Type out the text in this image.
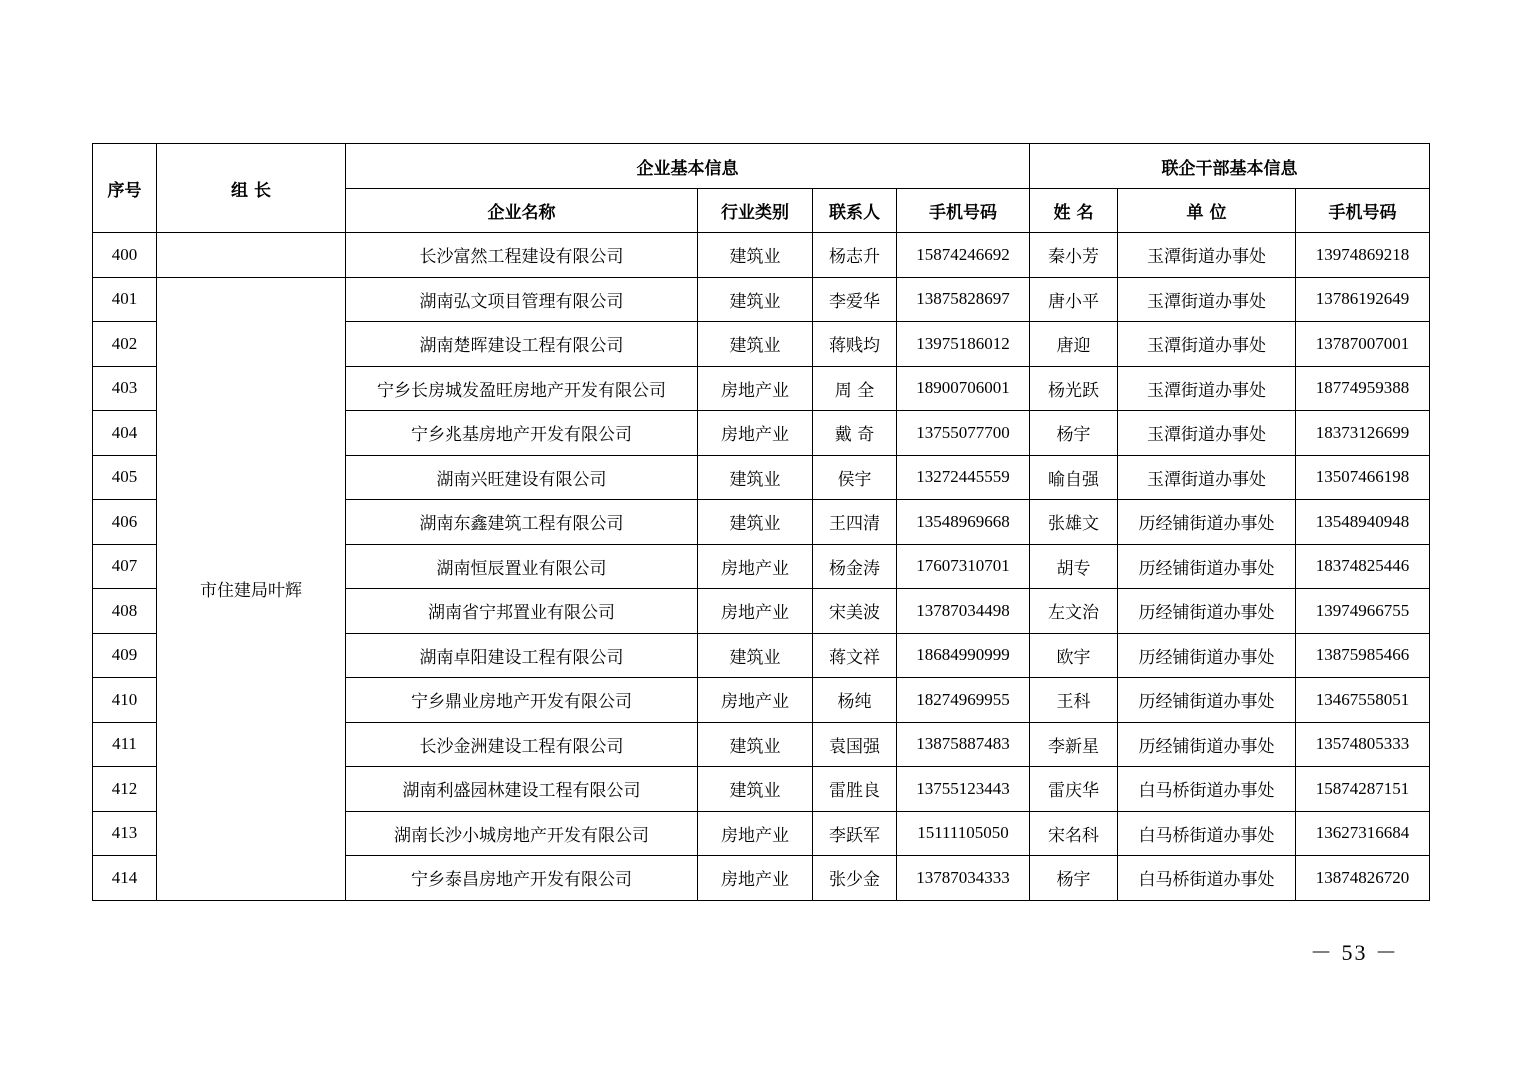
序号	组 长	企业基本信息				联企干部基本信息		
		企业名称	行业类别	联系人	手机号码	姓 名	单 位	手机号码
400		长沙富然工程建设有限公司	建筑业	杨志升	15874246692	秦小芳	玉潭街道办事处	13974869218
401	市住建局叶辉	湖南弘文项目管理有限公司	建筑业	李爱华	13875828697	唐小平	玉潭街道办事处	13786192649
402		湖南楚晖建设工程有限公司	建筑业	蒋贱均	13975186012	唐迎	玉潭街道办事处	13787007001
403		宁乡长房城发盈旺房地产开发有限公司	房地产业	周 全	18900706001	杨光跃	玉潭街道办事处	18774959388
404		宁乡兆基房地产开发有限公司	房地产业	戴 奇	13755077700	杨宇	玉潭街道办事处	18373126699
405		湖南兴旺建设有限公司	建筑业	侯宇	13272445559	喻自强	玉潭街道办事处	13507466198
406		湖南东鑫建筑工程有限公司	建筑业	王四清	13548969668	张雄文	历经铺街道办事处	13548940948
407		湖南恒辰置业有限公司	房地产业	杨金涛	17607310701	胡专	历经铺街道办事处	18374825446
408		湖南省宁邦置业有限公司	房地产业	宋美波	13787034498	左文治	历经铺街道办事处	13974966755
409		湖南卓阳建设工程有限公司	建筑业	蒋文祥	18684990999	欧宇	历经铺街道办事处	13875985466
410		宁乡鼎业房地产开发有限公司	房地产业	杨纯	18274969955	王科	历经铺街道办事处	13467558051
411		长沙金洲建设工程有限公司	建筑业	袁国强	13875887483	李新星	历经铺街道办事处	13574805333
412		湖南利盛园林建设工程有限公司	建筑业	雷胜良	13755123443	雷庆华	白马桥街道办事处	15874287151
413		湖南长沙小城房地产开发有限公司	房地产业	李跃军	15111105050	宋名科	白马桥街道办事处	13627316684
414		宁乡泰昌房地产开发有限公司	房地产业	张少金	13787034333	杨宇	白马桥街道办事处	13874826720
－ 53 －
